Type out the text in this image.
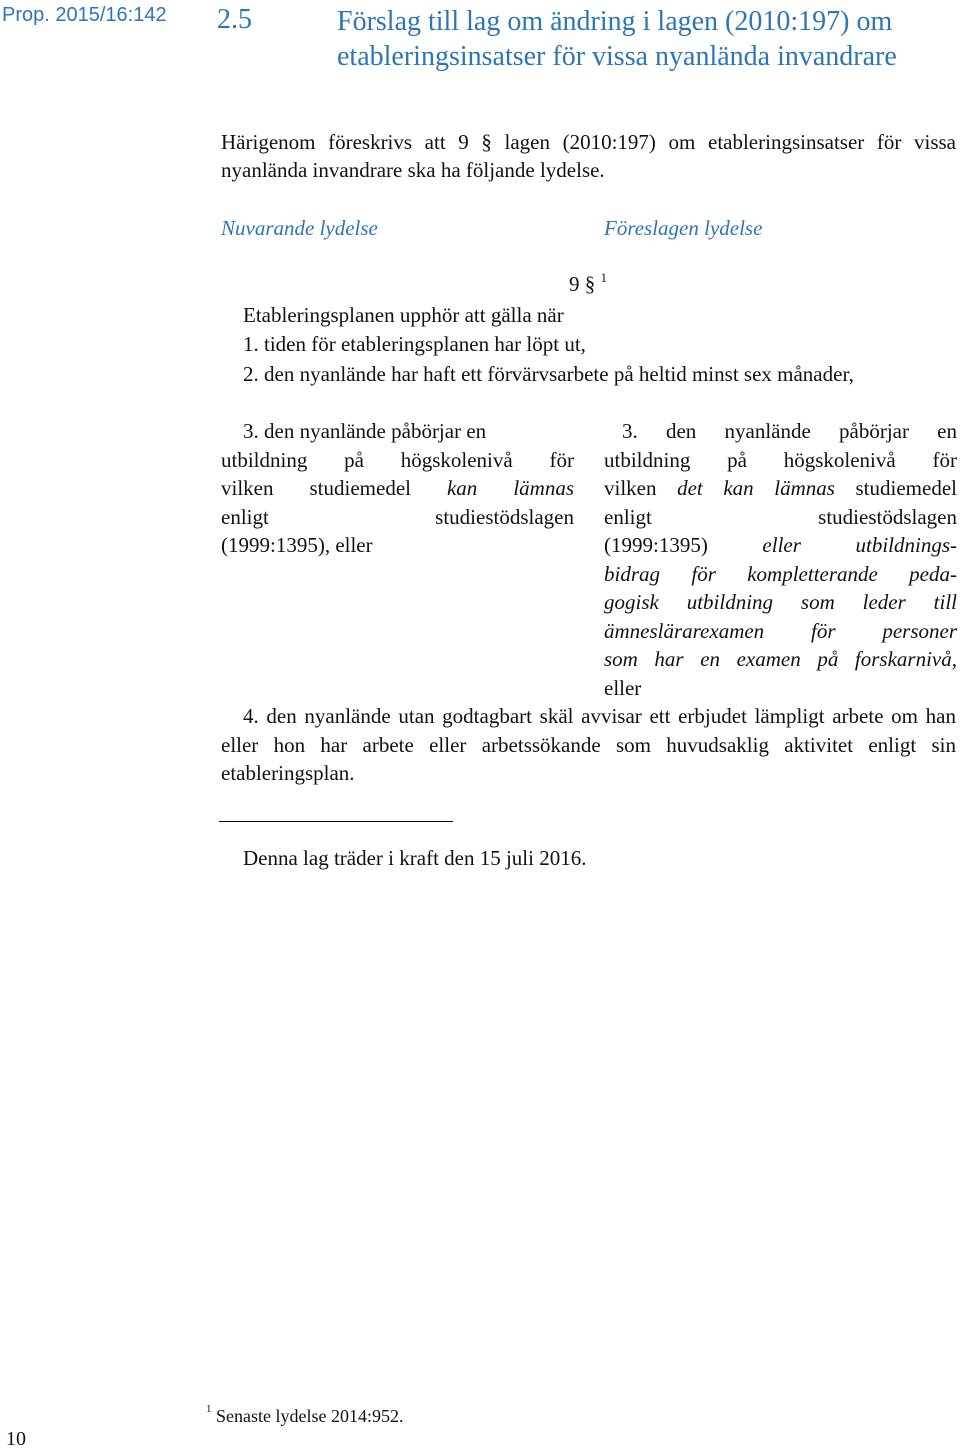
Prop. 2015/16:142 2.5	Förslag till lag om ändring i lagen (2010:197) om etableringsinsatser för vissa nyanlända invandrare
Härigenom föreskrivs att 9 § lagen (2010:197) om etableringsinsatser för vissa nyanlända invandrare ska ha följande lydelse.
Nuvarande lydelse	Föreslagen lydelse
9 § $^1$
Etableringsplanen upphör att gälla när
1. tiden för etableringsplanen har löpt ut,
2. den nyanlände har haft ett förvärvsarbete på heltid minst sex månader,
3. den nyanlände påbörjar en
utbildning på högskolenivå för
vilken studiemedel kan lämnas
enligt studiestödslagen
(1999:1395), eller
3. den nyanlände påbörjar en
utbildning på högskolenivå för
vilken det kan lämnas studiemedel
enligt studiestödslagen
(1999:1395) eller utbildnings-
bidrag för kompletterande peda-
gogisk utbildning som leder till
ämneslärarexamen för personer
som har en examen på forskarnivå,
eller
4. den nyanlände utan godtagbart skäl avvisar ett erbjudet lämpligt arbete om han eller hon har arbete eller arbetssökande som huvudsaklig aktivitet enligt sin etableringsplan.
Denna lag träder i kraft den 15 juli 2016.
$^1$ Senaste lydelse 2014:952.
10
